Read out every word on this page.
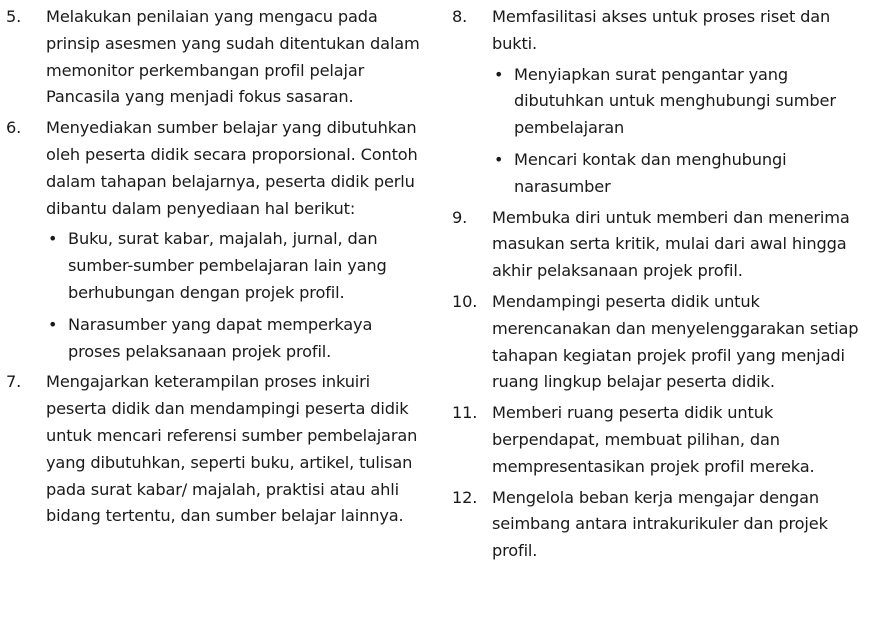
5. Melakukan penilaian yang mengacu pada prinsip asesmen yang sudah ditentukan dalam memonitor perkembangan profil pelajar Pancasila yang menjadi fokus sasaran.
6. Menyediakan sumber belajar yang dibutuhkan oleh peserta didik secara proporsional. Contoh dalam tahapan belajarnya, peserta didik perlu dibantu dalam penyediaan hal berikut:
• Buku, surat kabar, majalah, jurnal, dan sumber-sumber pembelajaran lain yang berhubungan dengan projek profil.
• Narasumber yang dapat memperkaya proses pelaksanaan projek profil.
7. Mengajarkan keterampilan proses inkuiri peserta didik dan mendampingi peserta didik untuk mencari referensi sumber pembelajaran yang dibutuhkan, seperti buku, artikel, tulisan pada surat kabar/ majalah, praktisi atau ahli bidang tertentu, dan sumber belajar lainnya.
8. Memfasilitasi akses untuk proses riset dan bukti.
• Menyiapkan surat pengantar yang dibutuhkan untuk menghubungi sumber pembelajaran
• Mencari kontak dan menghubungi narasumber
9. Membuka diri untuk memberi dan menerima masukan serta kritik, mulai dari awal hingga akhir pelaksanaan projek profil.
10. Mendampingi peserta didik untuk merencanakan dan menyelenggarakan setiap tahapan kegiatan projek profil yang menjadi ruang lingkup belajar peserta didik.
11. Memberi ruang peserta didik untuk berpendapat, membuat pilihan, dan mempresentasikan projek profil mereka.
12. Mengelola beban kerja mengajar dengan seimbang antara intrakurikuler dan projek profil.
